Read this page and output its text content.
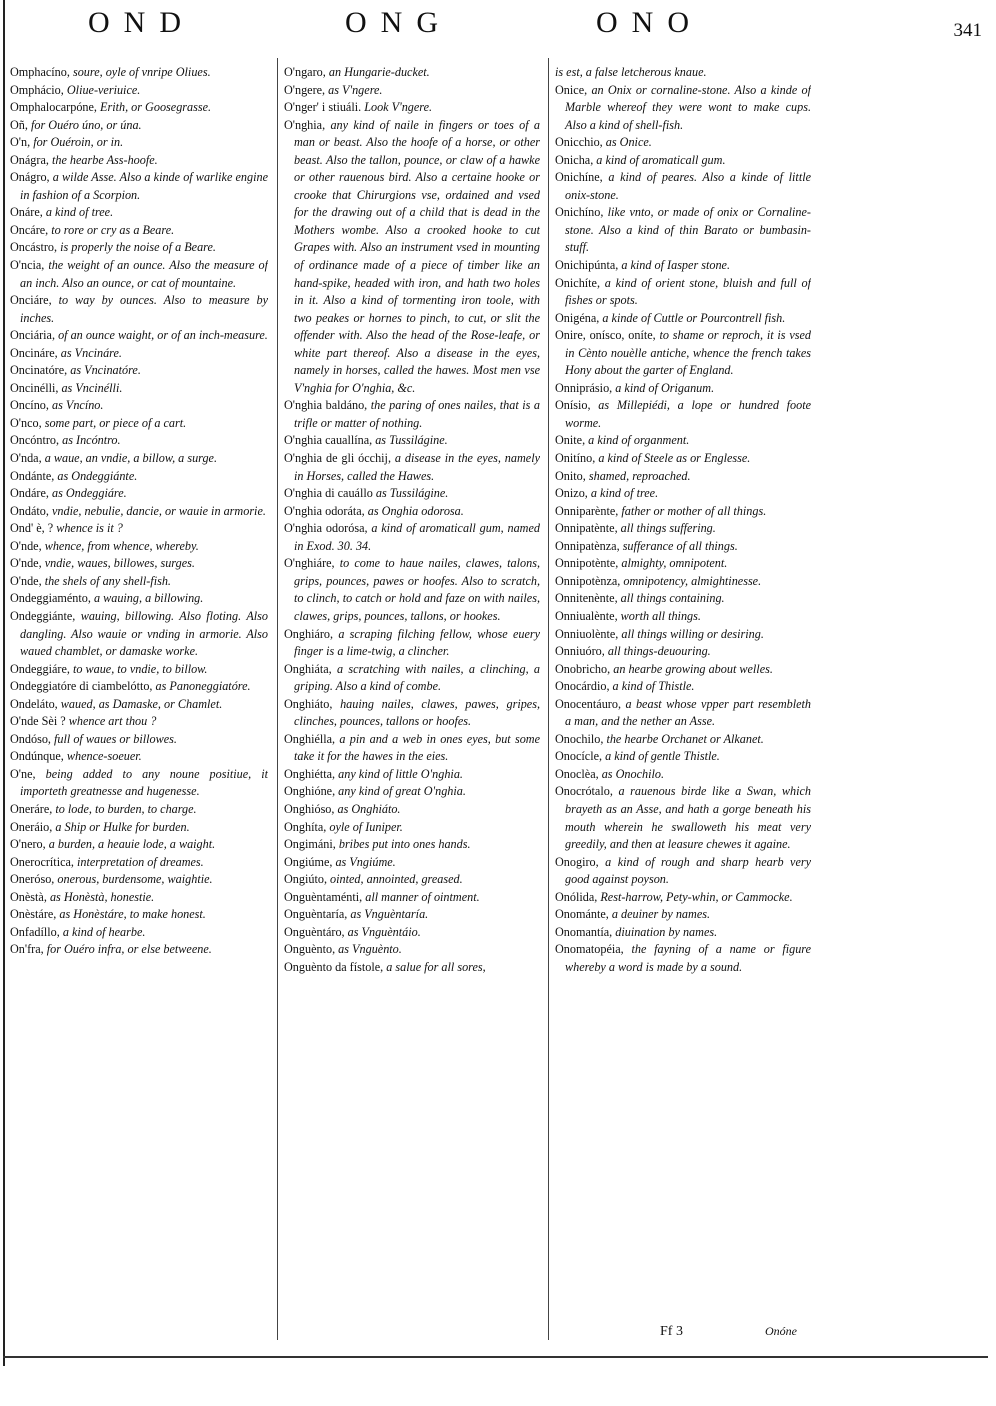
OND	ONG	ONO	341

Omphacíno, soure, oyle of vnripe Oliues.

Omphácio, Oliue-veriuice.

Omphalocarpóne, Erith, or Goosegrasse.

Oñ, for Ouéro úno, or úna.

O'n, for Ouéroin, or in.

Onágra, the hearbe Ass-hoofe.

Onágro, a wilde Asse. Also a kinde of warlike engine in fashion of a Scorpion.

Onáre, a kind of tree.

Oncáre, to rore or cry as a Beare.

Oncástro, is properly the noise of a Beare.

O'ncia, the weight of an ounce. Also the measure of an inch. Also an ounce, or cat of mountaine.

Onciáre, to way by ounces. Also to measure by inches.

Onciária, of an ounce waight, or of an inch-measure.

Oncináre, as Vncináre.

Oncinatóre, as Vncinatóre.

Oncinélli, as Vncinélli.

Oncíno, as Vncíno.

O'nco, some part, or piece of a cart.

Oncóntro, as Incóntro.

O'nda, a waue, an vndie, a billow, a surge.

Ondánte, as Ondeggiánte.

Ondáre, as Ondeggiáre.

Ondáto, vndie, nebulie, dancie, or wauie in armorie.

Ond' è, ? whence is it ?

O'nde, whence, from whence, whereby.

O'nde, vndie, waues, billowes, surges.

O'nde, the shels of any shell-fish.

Ondeggiaménto, a wauing, a billowing.

Ondeggiánte, wauing, billowing. Also floting. Also dangling. Also wauie or vnding in armorie. Also waued chamblet, or damaske worke.

Ondeggiáre, to waue, to vndie, to billow.

Ondeggiatóre di ciambelótto, as Panoneggiatóre.

Ondeláto, waued, as Damaske, or Chamlet.

O'nde Sèi ? whence art thou ?

Ondóso, full of waues or billowes.

Ondúnque, whence-soeuer.

O'ne, being added to any noune positiue, it importeth greatnesse and hugenesse.

Oneráre, to lode, to burden, to charge.

Oneráio, a Ship or Hulke for burden.

O'nero, a burden, a heauie lode, a waight.

Onerocrítica, interpretation of dreames.

Oneróso, onerous, burdensome, waightie.

Onèstà, as Honèstà, honestie.

Onèstáre, as Honèstáre, to make honest.

Onfadíllo, a kind of hearbe.

On'fra, for Ouéro infra, or else betweene.

O'ngaro, an Hungarie-ducket.

O'ngere, as V'ngere.

O'nger' i stiuáli. Look V'ngere.

O'nghia, any kind of naile in fingers or toes of a man or beast. Also the hoofe of a horse, or other beast. Also the tallon, pounce, or claw of a hawke or other rauenous bird. Also a certaine hooke or crooke that Chirurgions vse, ordained and vsed for the drawing out of a child that is dead in the Mothers wombe. Also a crooked hooke to cut Grapes with. Also an instrument vsed in mounting of ordinance made of a piece of timber like an hand-spike, headed with iron, and hath two holes in it. Also a kind of tormenting iron toole, with two peakes or hornes to pinch, to cut, or slit the offender with. Also the head of the Rose-leafe, or white part thereof. Also a disease in the eyes, namely in horses, called the hawes. Most men vse V'nghia for O'nghia, &c.

O'nghia baldáno, the paring of ones nailes, that is a trifle or matter of nothing.

O'nghia cauallína, as Tussilágine.

O'nghia de gli ócchij, a disease in the eyes, namely in Horses, called the Hawes.

O'nghia di cauállo as Tussilágine.

O'nghia odoráta, as Onghia odorosa.

O'nghia odorósa, a kind of aromaticall gum, named in Exod. 30. 34.

O'nghiáre, to come to haue nailes, clawes, talons, grips, pounces, pawes or hoofes. Also to scratch, to clinch, to catch or hold and faze on with nailes, clawes, grips, pounces, tallons, or hookes.

Onghiáro, a scraping filching fellow, whose euery finger is a lime-twig, a clincher.

Onghiáta, a scratching with nailes, a clinching, a griping. Also a kind of combe.

Onghiáto, hauing nailes, clawes, pawes, gripes, clinches, pounces, tallons or hoofes.

Onghiélla, a pin and a web in ones eyes, but some take it for the hawes in the eies.

Onghiétta, any kind of little O'nghia.

Onghióne, any kind of great O'nghia.

Onghióso, as Onghiáto.

Onghíta, oyle of Iuniper.

Ongimáni, bribes put into ones hands.

Ongiúme, as Vngiúme.

Ongiúto, ointed, annointed, greased.

Onguèntaménti, all manner of ointment.

Onguèntaría, as Vnguèntaría.

Onguèntáro, as Vnguèntáio.

Onguènto, as Vnguènto.

Onguènto da fístole, a salue for all sores,

is est, a false letcherous knaue.

Onice, an Onix or cornaline-stone. Also a kinde of Marble whereof they were wont to make cups. Also a kind of shell-fish.

Onicchio, as Onice.

Onicha, a kind of aromaticall gum.

Onichíne, a kind of peares. Also a kinde of little onix-stone.

Onichíno, like vnto, or made of onix or Cornaline-stone. Also a kind of thin Barato or bumbasin-stuff.

Onichipúnta, a kind of Iasper stone.

Onichíte, a kind of orient stone, bluish and full of fishes or spots.

Onigéna, a kinde of Cuttle or Pourcontrell fish.

Onire, onísco, oníte, to shame or reproch, it is vsed in Cènto nouèlle antiche, whence the french takes Hony about the garter of England.

Onniprásio, a kind of Origanum.

Onísio, as Millepiédi, a lope or hundred foote worme.

Onite, a kind of organment.

Onitíno, a kind of Steele as or Englesse.

Onito, shamed, reproached.

Onizo, a kind of tree.

Onniparènte, father or mother of all things.

Onnipatènte, all things suffering.

Onnipatènza, sufferance of all things.

Onnipotènte, almighty, omnipotent.

Onnipotènza, omnipotency, almightinesse.

Onnitenènte, all things containing.

Onniualènte, worth all things.

Onniuolènte, all things willing or desiring.

Onniuóro, all things-deuouring.

Onobricho, an hearbe growing about welles.

Onocárdio, a kind of Thistle.

Onocentáuro, a beast whose vpper part resembleth a man, and the nether an Asse.

Onochilo, the hearbe Orchanet or Alkanet.

Onocícle, a kind of gentle Thistle.

Onoclèa, as Onochilo.

Onocrótalo, a rauenous birde like a Swan, which brayeth as an Asse, and hath a gorge beneath his mouth wherein he swalloweth his meat very greedily, and then at leasure chewes it againe.

Onogiro, a kind of rough and sharp hearb very good against poyson.

Onólida, Rest-harrow, Pety-whin, or Cammocke.

Onománte, a deuiner by names.

Onomantía, diuination by names.

Onomatopéia, the fayning of a name or figure whereby a word is made by a sound.

Ff 3	Onóne
